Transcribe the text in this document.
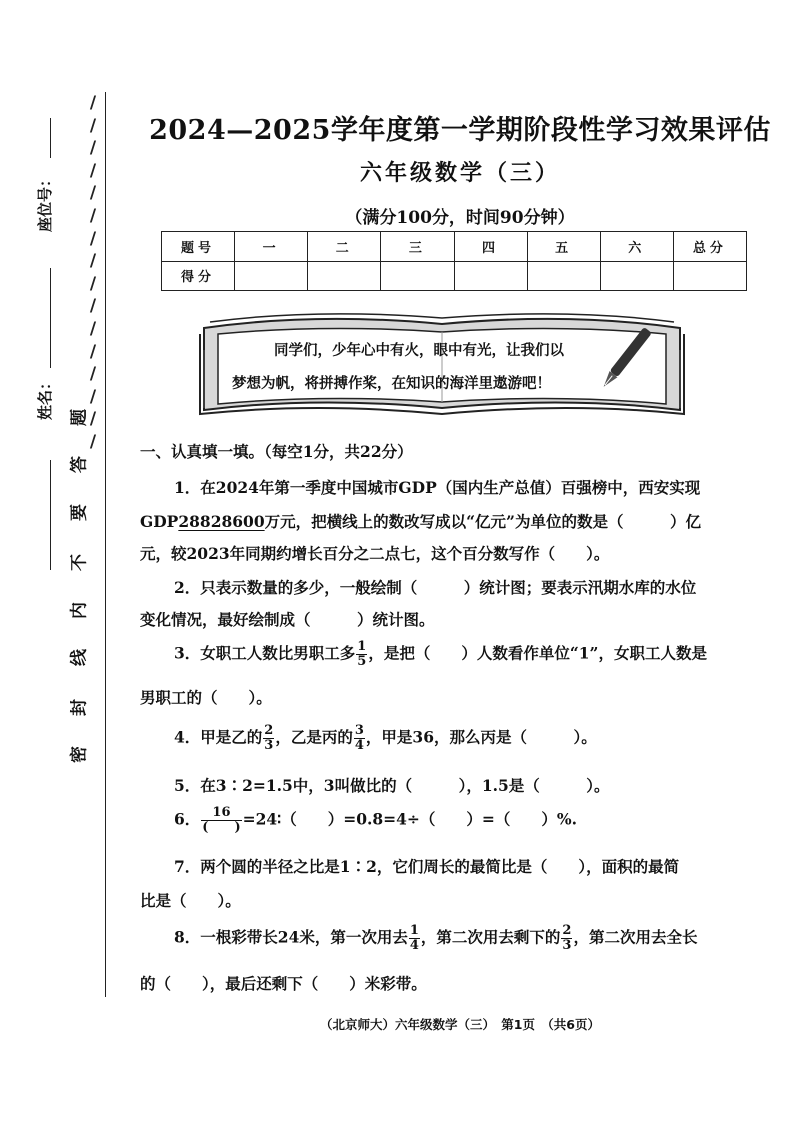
/
/
/
/
/
/
/
/
/
/
/
/
/
/
/
/
座位号：
姓名： 题
答
要
不
内
线
封
密
2024—2025学年度第一学期阶段性学习效果评估
六年级数学（三）
（满分100分，时间90分钟）
题号	一	二	三	四	五	六	总分
得分							
同学们，少年心中有火，眼中有光，让我们以
梦想为帆，将拼搏作桨，在知识的海洋里遨游吧！
一、认真填一填。（每空1分，共22分）
1．在2024年第一季度中国城市GDP（国内生产总值）百强榜中，西安实现
GDP28828600万元，把横线上的数改写成以“亿元”为单位的数是（　　　）亿
元，较2023年同期约增长百分之二点七，这个百分数写作（　　）。
2．只表示数量的多少，一般绘制（　　　）统计图；要表示汛期水库的水位
变化情况，最好绘制成（　　　）统计图。
3．女职工人数比男职工多 $\frac{1}{5}$ ，是把（　　）人数看作单位“1”，女职工人数是
男职工的（　　）。
4．甲是乙的 $\frac{2}{3}$ ，乙是丙的 $\frac{3}{4}$ ，甲是36，那么丙是（　　　）。
5．在3∶2=1.5中，3叫做比的（　　　），1.5是（　　　）。
6． $\frac{16}{( )}$ =24∶（　　）=0.8=4÷（　　）=（　　）%.
7．两个圆的半径之比是1∶2，它们周长的最简比是（　　），面积的最简
比是（　　）。
8．一根彩带长24米，第一次用去 $\frac{1}{4}$ ，第二次用去剩下的 $\frac{2}{3}$ ，第二次用去全长
的（　　），最后还剩下（　　）米彩带。
（北京师大）六年级数学（三）　第1页　（共6页）
